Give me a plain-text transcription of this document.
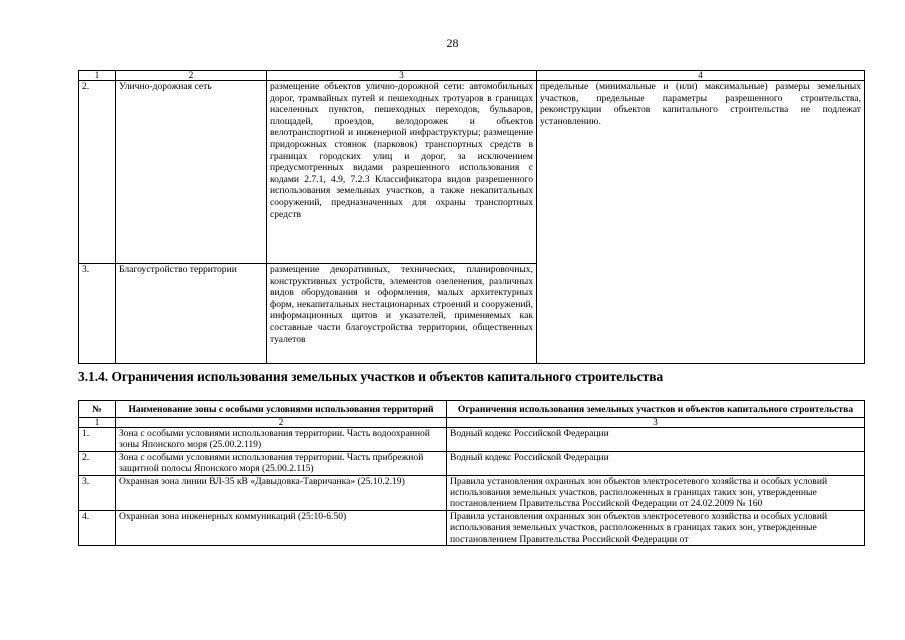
28
1	2	3	4
2.	Улично-дорожная сеть	размещение объектов улично-дорожной сети: автомобильных дорог, трамвайных путей и пешеходных тротуаров в границах населенных пунктов, пешеходных переходов, бульваров, площадей, проездов, велодорожек и объектов велотранспортной и инженерной инфраструктуры; размещение придорожных стоянок (парковок) транспортных средств в границах городских улиц и дорог, за исключением предусмотренных видами разрешенного использования с кодами 2.7.1, 4.9, 7.2.3 Классификатора видов разрешенного использования земельных участков, а также некапитальных сооружений, предназначенных для охраны транспортных средств	предельные (минимальные и (или) максимальные) размеры земельных участков, предельные параметры разрешенного строительства, реконструкции объектов капитального строительства не подлежат установлению.
3.	Благоустройство территории	размещение декоративных, технических, планировочных, конструктивных устройств, элементов озеленения, различных видов оборудования и оформления, малых архитектурных форм, некапитальных нестационарных строений и сооружений, информационных щитов и указателей, применяемых как составные части благоустройства территории, общественных туалетов	
3.1.4. Ограничения использования земельных участков и объектов капитального строительства
№	Наименование зоны с особыми условиями использования территорий	Ограничения использования земельных участков и объектов капитального строительства
1	2	3
1.	Зона с особыми условиями использования территории. Часть водоохранной зоны Японского моря (25.00.2.119)	Водный кодекс Российской Федерации
2.	Зона с особыми условиями использования территории. Часть прибрежной защитной полосы Японского моря (25.00.2.115)	Водный кодекс Российской Федерации
3.	Охранная зона линии ВЛ-35 кВ «Давыдовка-Тавричанка» (25.10.2.19)	Правила установления охранных зон объектов электросетевого хозяйства и особых условий использования земельных участков, расположенных в границах таких зон, утвержденные постановлением Правительства Российской Федерации от 24.02.2009 № 160
4.	Охранная зона инженерных коммуникаций (25:10-6.50)	Правила установления охранных зон объектов электросетевого хозяйства и особых условий использования земельных участков, расположенных в границах таких зон, утвержденные постановлением Правительства Российской Федерации от
